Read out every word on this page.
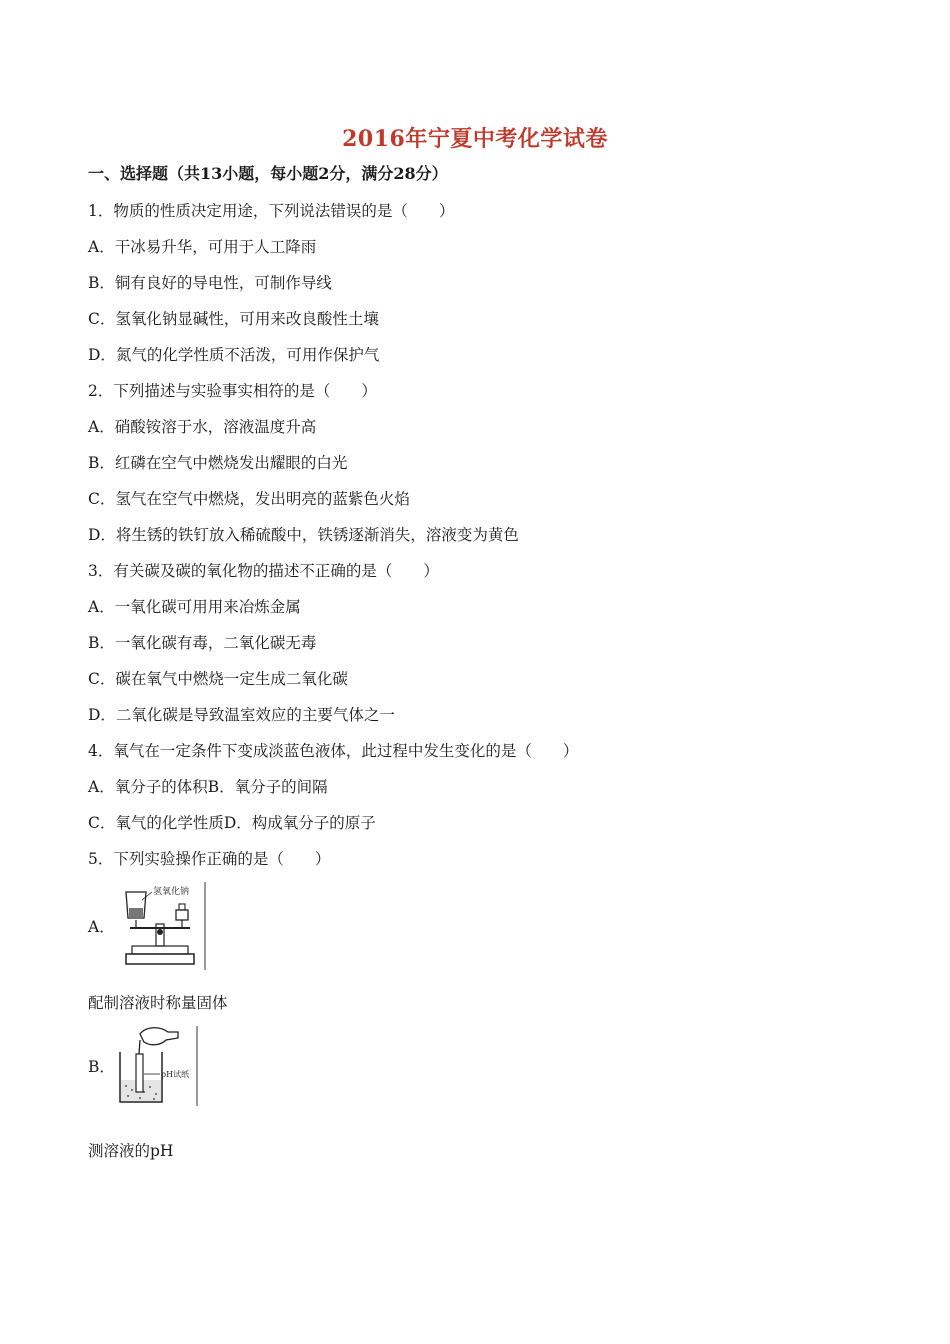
2016年宁夏中考化学试卷
一、选择题（共13小题，每小题2分，满分28分）
1．物质的性质决定用途，下列说法错误的是（　　）
A．干冰易升华，可用于人工降雨
B．铜有良好的导电性，可制作导线
C．氢氧化钠显碱性，可用来改良酸性土壤
D．氮气的化学性质不活泼，可用作保护气
2．下列描述与实验事实相符的是（　　）
A．硝酸铵溶于水，溶液温度升高
B．红磷在空气中燃烧发出耀眼的白光
C．氢气在空气中燃烧，发出明亮的蓝紫色火焰
D．将生锈的铁钉放入稀硫酸中，铁锈逐渐消失，溶液变为黄色
3．有关碳及碳的氧化物的描述不正确的是（　　）
A．一氧化碳可用用来冶炼金属
B．一氧化碳有毒，二氧化碳无毒
C．碳在氧气中燃烧一定生成二氧化碳
D．二氧化碳是导致温室效应的主要气体之一
4．氧气在一定条件下变成淡蓝色液体，此过程中发生变化的是（　　）
A．氧分子的体积B．氧分子的间隔
C．氧气的化学性质D．构成氧分子的原子
5．下列实验操作正确的是（　　）
A．
氢氧化钠
配制溶液时称量固体
B．	pH试纸
测溶液的pH
